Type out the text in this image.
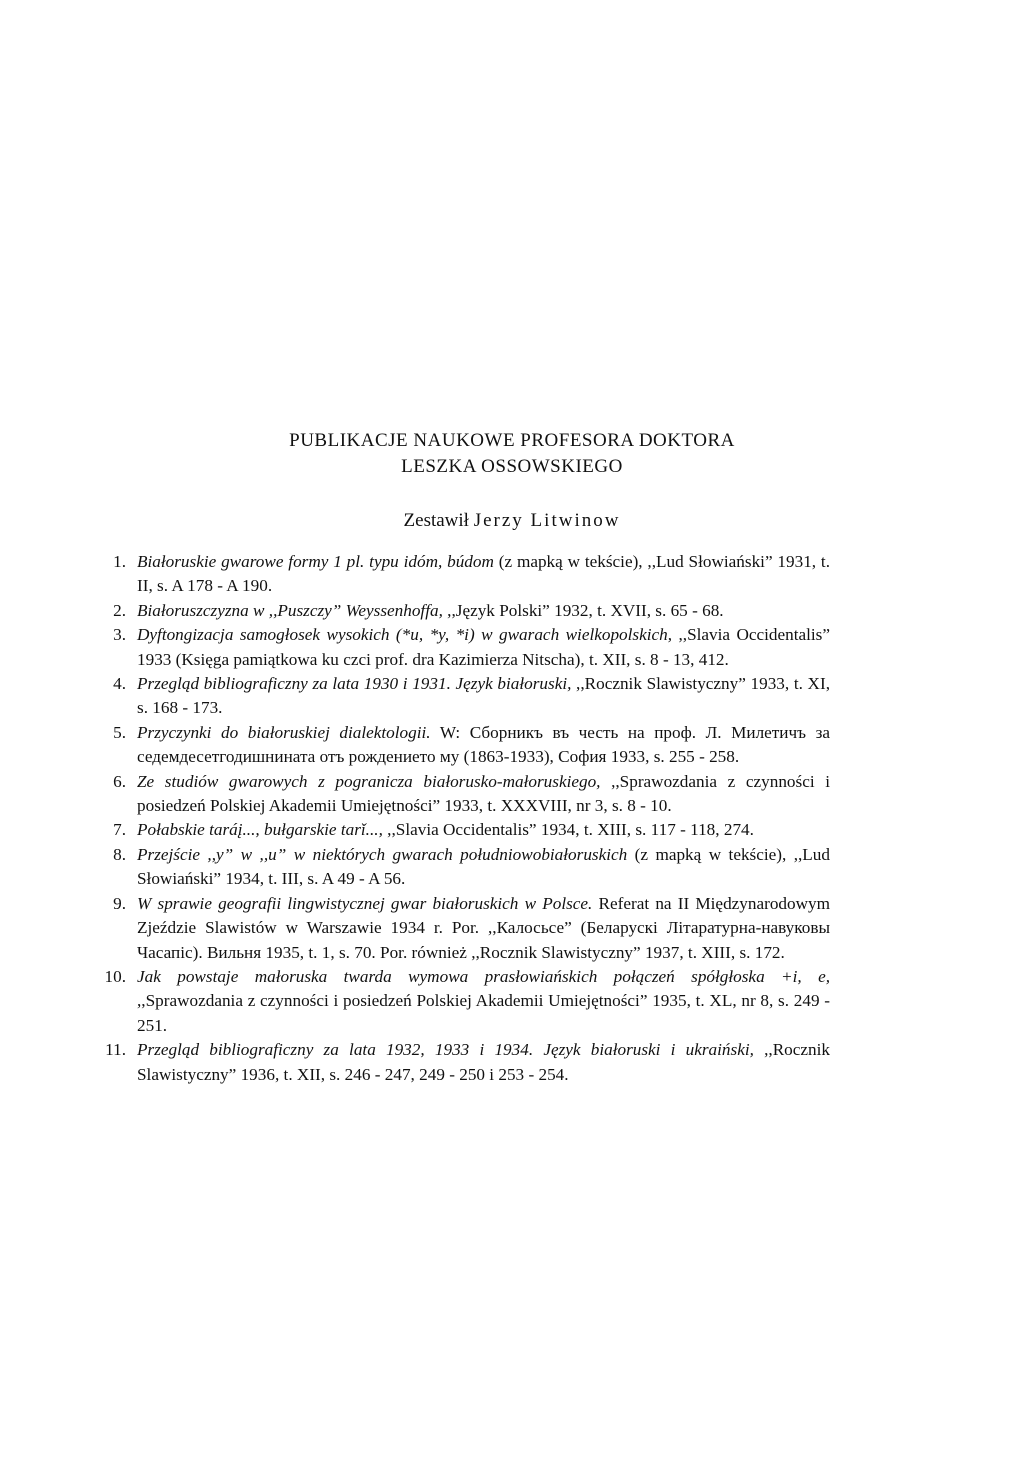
PUBLIKACJE NAUKOWE PROFESORA DOKTORA
LESZKA OSSOWSKIEGO
Zestawił Jerzy Litwinow
1. Białoruskie gwarowe formy 1 pl. typu idóm, búdom (z mapką w tekście), ,,Lud Słowiański” 1931, t. II, s. A 178 - A 190.
2. Białoruszczyzna w ,,Puszczy” Weyssenhoffa, ,,Język Polski” 1932, t. XVII, s. 65 - 68.
3. Dyftongizacja samogłosek wysokich (*u, *y, *i) w gwarach wielkopolskich, ,,Slavia Occidentalis” 1933 (Księga pamiątkowa ku czci prof. dra Kazimierza Nitscha), t. XII, s. 8 - 13, 412.
4. Przegląd bibliograficzny za lata 1930 i 1931. Język białoruski, ,,Rocznik Slawistyczny” 1933, t. XI, s. 168 - 173.
5. Przyczynki do białoruskiej dialektologii. W: Сборникъ въ честь на проф. Л. Милетичъ за седемдесетгодишнината отъ рождението му (1863-1933), София 1933, s. 255 - 258.
6. Ze studiów gwarowych z pogranicza białorusko-małoruskiego, ,,Sprawozdania z czynności i posiedzeń Polskiej Akademii Umiejętności” 1933, t. XXXVIII, nr 3, s. 8 - 10.
7. Połabskie taráį..., bułgarskie tarǐ..., ,,Slavia Occidentalis” 1934, t. XIII, s. 117 - 118, 274.
8. Przejście ,,y” w ,,u” w niektórych gwarach południowobiałoruskich (z mapką w tekście), ,,Lud Słowiański” 1934, t. III, s. A 49 - A 56.
9. W sprawie geografii lingwistycznej gwar białoruskich w Polsce. Referat na II Międzynarodowym Zjeździe Slawistów w Warszawie 1934 r. Por. ,,Калосьсе” (Беларускі Літаратурна-навуковы Часапіс). Вильня 1935, t. 1, s. 70. Por. również ,,Rocznik Slawistyczny” 1937, t. XIII, s. 172.
10. Jak powstaje małoruska twarda wymowa prasłowiańskich połączeń spółgłoska +i, e, ,,Sprawozdania z czynności i posiedzeń Polskiej Akademii Umiejętności” 1935, t. XL, nr 8, s. 249 - 251.
11. Przegląd bibliograficzny za lata 1932, 1933 i 1934. Język białoruski i ukraiński, ,,Rocznik Slawistyczny” 1936, t. XII, s. 246 - 247, 249 - 250 i 253 - 254.
